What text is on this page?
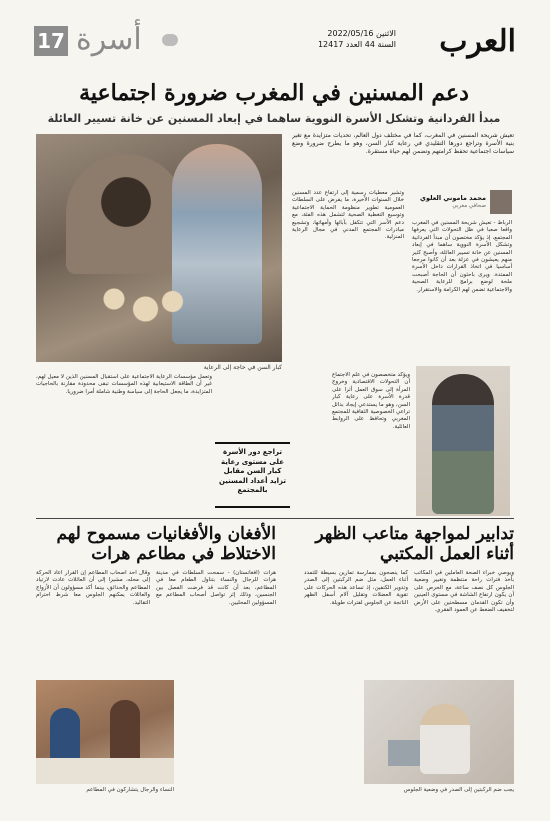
العرب
الاثنين 2022/05/16
السنة 44 العدد 12417
أسرة
17
دعم المسنين في المغرب ضرورة اجتماعية
مبدأ الفردانية وتشكل الأسرة النووية ساهما في إبعاد المسنين عن خانة تسيير العائلة
تعيش شريحة المسنين في المغرب، كما في مختلف دول العالم، تحديات متزايدة مع تغير بنية الأسرة وتراجع دورها التقليدي في رعاية كبار السن، وهو ما يطرح ضرورة وضع سياسات اجتماعية تحفظ كرامتهم وتضمن لهم حياة مستقرة.
محمد ماموني العلوي
صحافي مغربي
الرباط - تعيش شريحة المسنين في المغرب واقعا صعبا في ظل التحولات التي يعرفها المجتمع، إذ يؤكد مختصون أن مبدأ الفردانية وتشكل الأسرة النووية ساهما في إبعاد المسنين عن خانة تسيير العائلة، وأصبح كثير منهم يعيشون في عزلة بعد أن كانوا مرجعا أساسيا في اتخاذ القرارات داخل الأسرة الممتدة. ويرى باحثون أن الحاجة أصبحت ملحة لوضع برامج للرعاية الصحية والاجتماعية تضمن لهم الكرامة والاستقرار.
وتشير معطيات رسمية إلى ارتفاع عدد المسنين خلال السنوات الأخيرة، ما يفرض على السلطات العمومية تطوير منظومة الحماية الاجتماعية وتوسيع التغطية الصحية لتشمل هذه الفئة، مع دعم الأسر التي تتكفل بآبائها وأمهاتها، وتشجيع مبادرات المجتمع المدني في مجال الرعاية المنزلية.
كبار السن في حاجة إلى الرعاية
ويؤكد متخصصون في علم الاجتماع أن التحولات الاقتصادية وخروج المرأة إلى سوق العمل أثرا على قدرة الأسرة على رعاية كبار السن، وهو ما يستدعي إيجاد بدائل تراعي الخصوصية الثقافية للمجتمع المغربي وتحافظ على الروابط العائلية.
وتعمل مؤسسات الرعاية الاجتماعية على استقبال المسنين الذين لا معيل لهم، غير أن الطاقة الاستيعابية لهذه المؤسسات تبقى محدودة مقارنة بالحاجيات المتزايدة، ما يجعل الحاجة إلى سياسة وطنية شاملة أمرا ضروريا.
تراجع دور الأسرة على مستوى رعاية كبار السن مقابل تزايد أعداد المسنين بالمجتمع
تدابير لمواجهة متاعب الظهر أثناء العمل المكتبي
ويوصي خبراء الصحة العاملين في المكاتب بأخذ فترات راحة منتظمة وتغيير وضعية الجلوس كل نصف ساعة، مع الحرص على أن يكون ارتفاع الشاشة في مستوى العينين وأن تكون القدمان مسطحتين على الأرض لتخفيف الضغط عن العمود الفقري.
كما ينصحون بممارسة تمارين بسيطة للتمدد أثناء العمل، مثل ضم الركبتين إلى الصدر وتدوير الكتفين، إذ تساعد هذه الحركات على تقوية العضلات وتقليل آلام أسفل الظهر الناتجة عن الجلوس لفترات طويلة.
يجب ضم الركبتين إلى الصدر في وضعية الجلوس
الأفغان والأفغانيات مسموح لهم الاختلاط في مطاعم هرات
هرات (أفغانستان) - سمحت السلطات في مدينة هرات للرجال والنساء بتناول الطعام معا في المطاعم، بعد أن كانت قد فرضت الفصل بين الجنسين، وذلك إثر تواصل أصحاب المطاعم مع المسؤولين المحليين.
وقال أحد أصحاب المطاعم إن القرار أعاد الحركة إلى محله، مشيرا إلى أن العائلات عادت لارتياد المطاعم والحدائق، بينما أكد مسؤولون أن الأزواج والعائلات يمكنهم الجلوس معا شرط احترام التقاليد.
النساء والرجال يتشاركون في المطاعم
